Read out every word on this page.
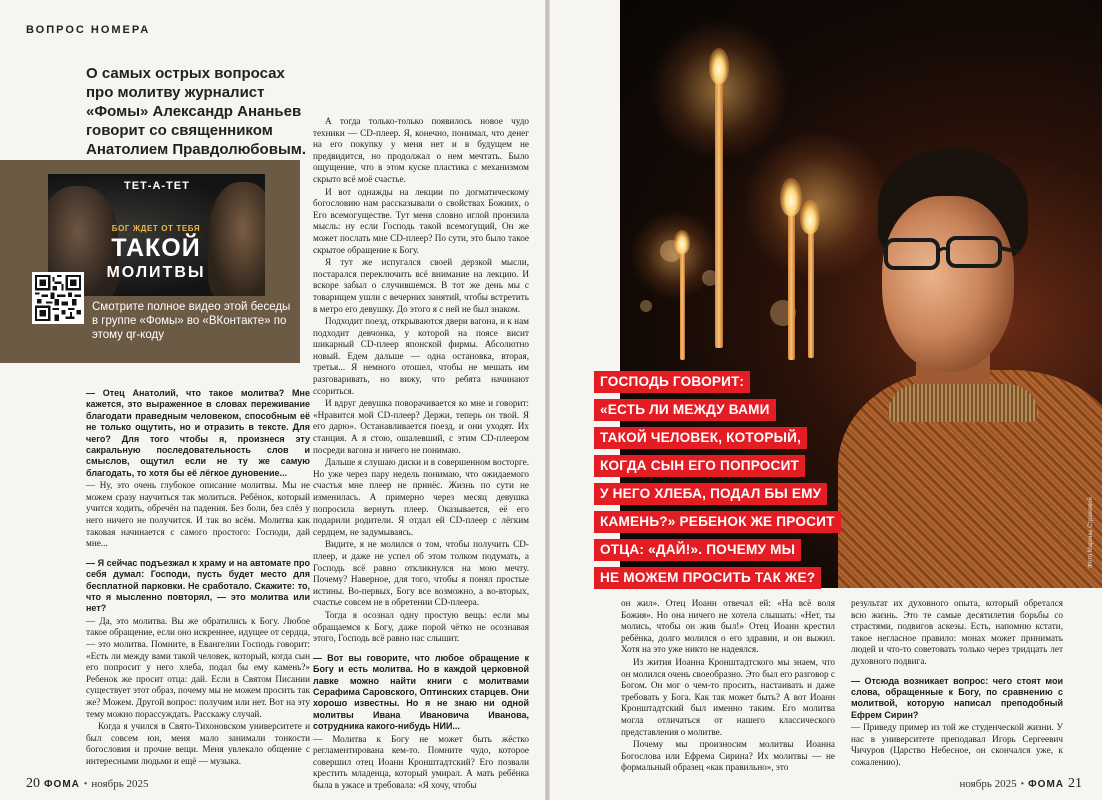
ВОПРОС НОМЕРА
О самых острых вопросах про молитву журналист «Фомы» Александр Ананьев говорит со священником Анатолием Правдолюбовым.
ТЕТ-А-ТЕТ
БОГ ЖДЕТ ОТ ТЕБЯ
ТАКОЙ
МОЛИТВЫ
Смотрите полное видео этой беседы в группе «Фомы» во «ВКонтакте» по этому qr-коду

— Отец Анатолий, что такое молитва? Мне кажется, это выраженное в словах переживание благодати праведным человеком, способным её не только ощутить, но и отразить в тексте. Для чего? Для того чтобы я, произнеся эту сакральную последовательность слов и смыслов, ощутил если не ту же самую благодать, то хотя бы её лёгкое дуновение...

— Ну, это очень глубокое описание молитвы. Мы не можем сразу научиться так молиться. Ребёнок, который учится ходить, обречён на падения. Без боли, без слёз у него ничего не получится. И так во всём. Молитва как таковая начинается с самого простого: Господи, дай мне...

— Я сейчас подъезжал к храму и на автомате про себя думал: Господи, пусть будет место для бесплатной парковки. Не сработало. Скажите: то, что я мысленно повторял, — это молитва или нет?

— Да, это молитва. Вы же обратились к Богу. Любое такое обращение, если оно искреннее, идущее от сердца, — это молитва. Помните, в Евангелии Господь говорит: «Есть ли между вами такой человек, который, когда сын его попросит у него хлеба, подал бы ему камень?» Ребенок же просит отца: дай. Если в Святом Писании существует этот образ, почему мы не можем просить так же? Можем. Другой вопрос: получим или нет. Вот на эту тему можно порассуждать. Расскажу случай.

Когда я учился в Свято-Тихоновском университете и был совсем юн, меня мало занимали тонкости богословия и прочие вещи. Меня увлекало общение с интересными людьми и ещё — музыка.

А тогда только-только появилось новое чудо техники — CD-плеер. Я, конечно, понимал, что денег на его покупку у меня нет и в будущем не предвидится, но продолжал о нем мечтать. Было ощущение, что в этом куске пластика с механизмом скрыто всё моё счастье.

И вот однажды на лекции по догматическому богословию нам рассказывали о свойствах Божиих, о Его всемогуществе. Тут меня словно иглой пронзила мысль: ну если Господь такой всемогущий, Он же может послать мне CD-плеер? По сути, это было такое скрытое обращение к Богу.

Я тут же испугался своей дерзкой мысли, постарался переключить всё внимание на лекцию. И вскоре забыл о случившемся. В тот же день мы с товарищем ушли с вечерних занятий, чтобы встретить в метро его девушку. До этого я с ней не был знаком.

Подходит поезд, открываются двери вагона, и к нам подходит девчонка, у которой на поясе висит шикарный CD-плеер японской фирмы. Абсолютно новый. Едем дальше — одна остановка, вторая, третья... Я немного отошел, чтобы не мешать им разговаривать, но вижу, что ребята начинают ссориться.

И вдруг девушка поворачивается ко мне и говорит: «Нравится мой CD-плеер? Держи, теперь он твой. Я его дарю». Останавливается поезд, и они уходят. Их станция. А я стою, ошалевший, с этим CD-плеером посреди вагона и ничего не понимаю.

Дальше я слушаю диски и в совершенном восторге. Но уже через пару недель понимаю, что ожидаемого счастья мне плеер не принёс. Жизнь по сути не изменилась. А примерно через месяц девушка попросила вернуть плеер. Оказывается, её его подарили родители. Я отдал ей CD-плеер с лёгким сердцем, не задумываясь.

Видите, я не молился о том, чтобы получить CD-плеер, и даже не успел об этом толком подумать, а Господь всё равно откликнулся на мою мечту. Почему? Наверное, для того, чтобы я понял простые истины. Во-первых, Богу все возможно, а во-вторых, счастье совсем не в обретении CD-плеера.

Тогда я осознал одну простую вещь: если мы обращаемся к Богу, даже порой чётко не осознавая этого, Господь всё равно нас слышит.

— Вот вы говорите, что любое обращение к Богу и есть молитва. Но в каждой церковной лавке можно найти книги с молитвами Серафима Саровского, Оптинских старцев. Они хорошо известны. Но я не знаю ни одной молитвы Ивана Ивановича Иванова, сотрудника какого-нибудь НИИ...

— Молитва к Богу не может быть жёстко регламентирована кем-то. Помните чудо, которое совершил отец Иоанн Кронштадтский? Его позвали крестить младенца, который умирал. А мать ребёнка была в ужасе и требовала: «Я хочу, чтобы

20 ФОМА • ноябрь 2025
Фото Марины Стражевой
ГОСПОДЬ ГОВОРИТ:
«ЕСТЬ ЛИ МЕЖДУ ВАМИ
ТАКОЙ ЧЕЛОВЕК, КОТОРЫЙ,
КОГДА СЫН ЕГО ПОПРОСИТ
У НЕГО ХЛЕБА, ПОДАЛ БЫ ЕМУ
КАМЕНЬ?» РЕБЕНОК ЖЕ ПРОСИТ
ОТЦА: «ДАЙ!». ПОЧЕМУ МЫ
НЕ МОЖЕМ ПРОСИТЬ ТАК ЖЕ?
ноябрь 2025 • ФОМА 21

он жил». Отец Иоанн отвечал ей: «На всё воля Божия». Но она ничего не хотела слышать: «Нет, ты молись, чтобы он жив был!» Отец Иоанн крестил ребёнка, долго молился о его здравии, и он выжил. Хотя на это уже никто не надеялся.

Из жития Иоанна Кронштадтского мы знаем, что он молился очень своеобразно. Это был его разговор с Богом. Он мог о чем-то просить, настаивать и даже требовать у Бога. Как так может быть? А вот Иоанн Кронштадтский был именно таким. Его молитва могла отличаться от нашего классического представления о молитве.

Почему мы произносим молитвы Иоанна Богослова или Ефрема Сирина? Их молитвы — не формальный образец «как правильно», это

результат их духовного опыта, который обретался всю жизнь. Это те самые десятилетия борьбы со страстями, подвигов аскезы. Есть, напомню кстати, такое негласное правило: монах может принимать людей и что-то советовать только через тридцать лет духовного подвига.

— Отсюда возникает вопрос: чего стоят мои слова, обращенные к Богу, по сравнению с молитвой, которую написал преподобный Ефрем Сирин?

— Приведу пример из той же студенческой жизни. У нас в университете преподавал Игорь Сергеевич Чичуров (Царство Небесное, он скончался уже, к сожалению).
